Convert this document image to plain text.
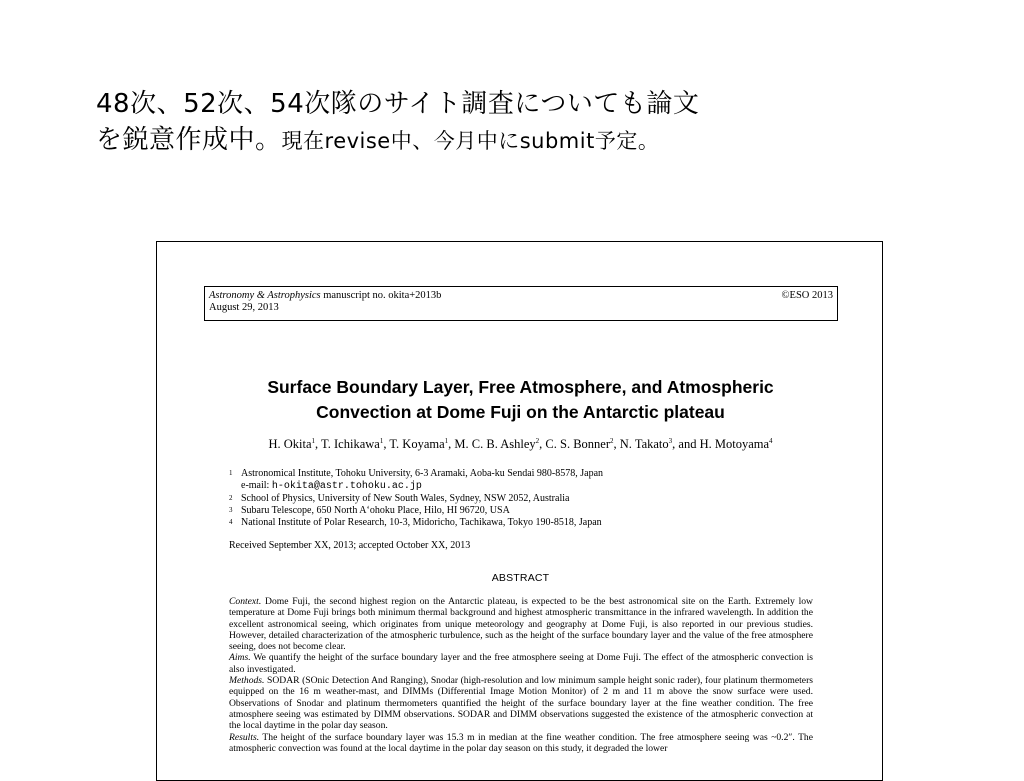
48次、52次、54次隊のサイト調査についても論文
を鋭意作成中。現在revise中、今月中にsubmit予定。
Astronomy & Astrophysics manuscript no. okita+2013b	©ESO 2013
August 29, 2013
Surface Boundary Layer, Free Atmosphere, and Atmospheric
Convection at Dome Fuji on the Antarctic plateau
H. Okita$^1$, T. Ichikawa$^1$, T. Koyama$^1$, M. C. B. Ashley$^2$, C. S. Bonner$^2$, N. Takato$^3$, and H. Motoyama$^4$
1 Astronomical Institute, Tohoku University, 6-3 Aramaki, Aoba-ku Sendai 980-8578, Japan
e-mail: h-okita@astr.tohoku.ac.jp
2 School of Physics, University of New South Wales, Sydney, NSW 2052, Australia
3 Subaru Telescope, 650 North A‘ohoku Place, Hilo, HI 96720, USA
4 National Institute of Polar Research, 10-3, Midoricho, Tachikawa, Tokyo 190-8518, Japan
Received September XX, 2013; accepted October XX, 2013
ABSTRACT

Context. Dome Fuji, the second highest region on the Antarctic plateau, is expected to be the best astronomical site on the Earth. Extremely low temperature at Dome Fuji brings both minimum thermal background and highest atmospheric transmittance in the infrared wavelength. In addition the excellent astronomical seeing, which originates from unique meteorology and geography at Dome Fuji, is also reported in our previous studies. However, detailed characterization of the atmospheric turbulence, such as the height of the surface boundary layer and the value of the free atmosphere seeing, does not become clear.

Aims. We quantify the height of the surface boundary layer and the free atmosphere seeing at Dome Fuji. The effect of the atmospheric convection is also investigated.

Methods. SODAR (SOnic Detection And Ranging), Snodar (high-resolution and low minimum sample height sonic rader), four platinum thermometers equipped on the 16 m weather-mast, and DIMMs (Differential Image Motion Monitor) of 2 m and 11 m above the snow surface were used. Observations of Snodar and platinum thermometers quantified the height of the surface boundary layer at the fine weather condition. The free atmosphere seeing was estimated by DIMM observations. SODAR and DIMM observations suggested the existence of the atmospheric convection at the local daytime in the polar day season.

Results. The height of the surface boundary layer was 15.3 m in median at the fine weather condition. The free atmosphere seeing was ~0.2″. The atmospheric convection was found at the local daytime in the polar day season on this study, it degraded the lower
